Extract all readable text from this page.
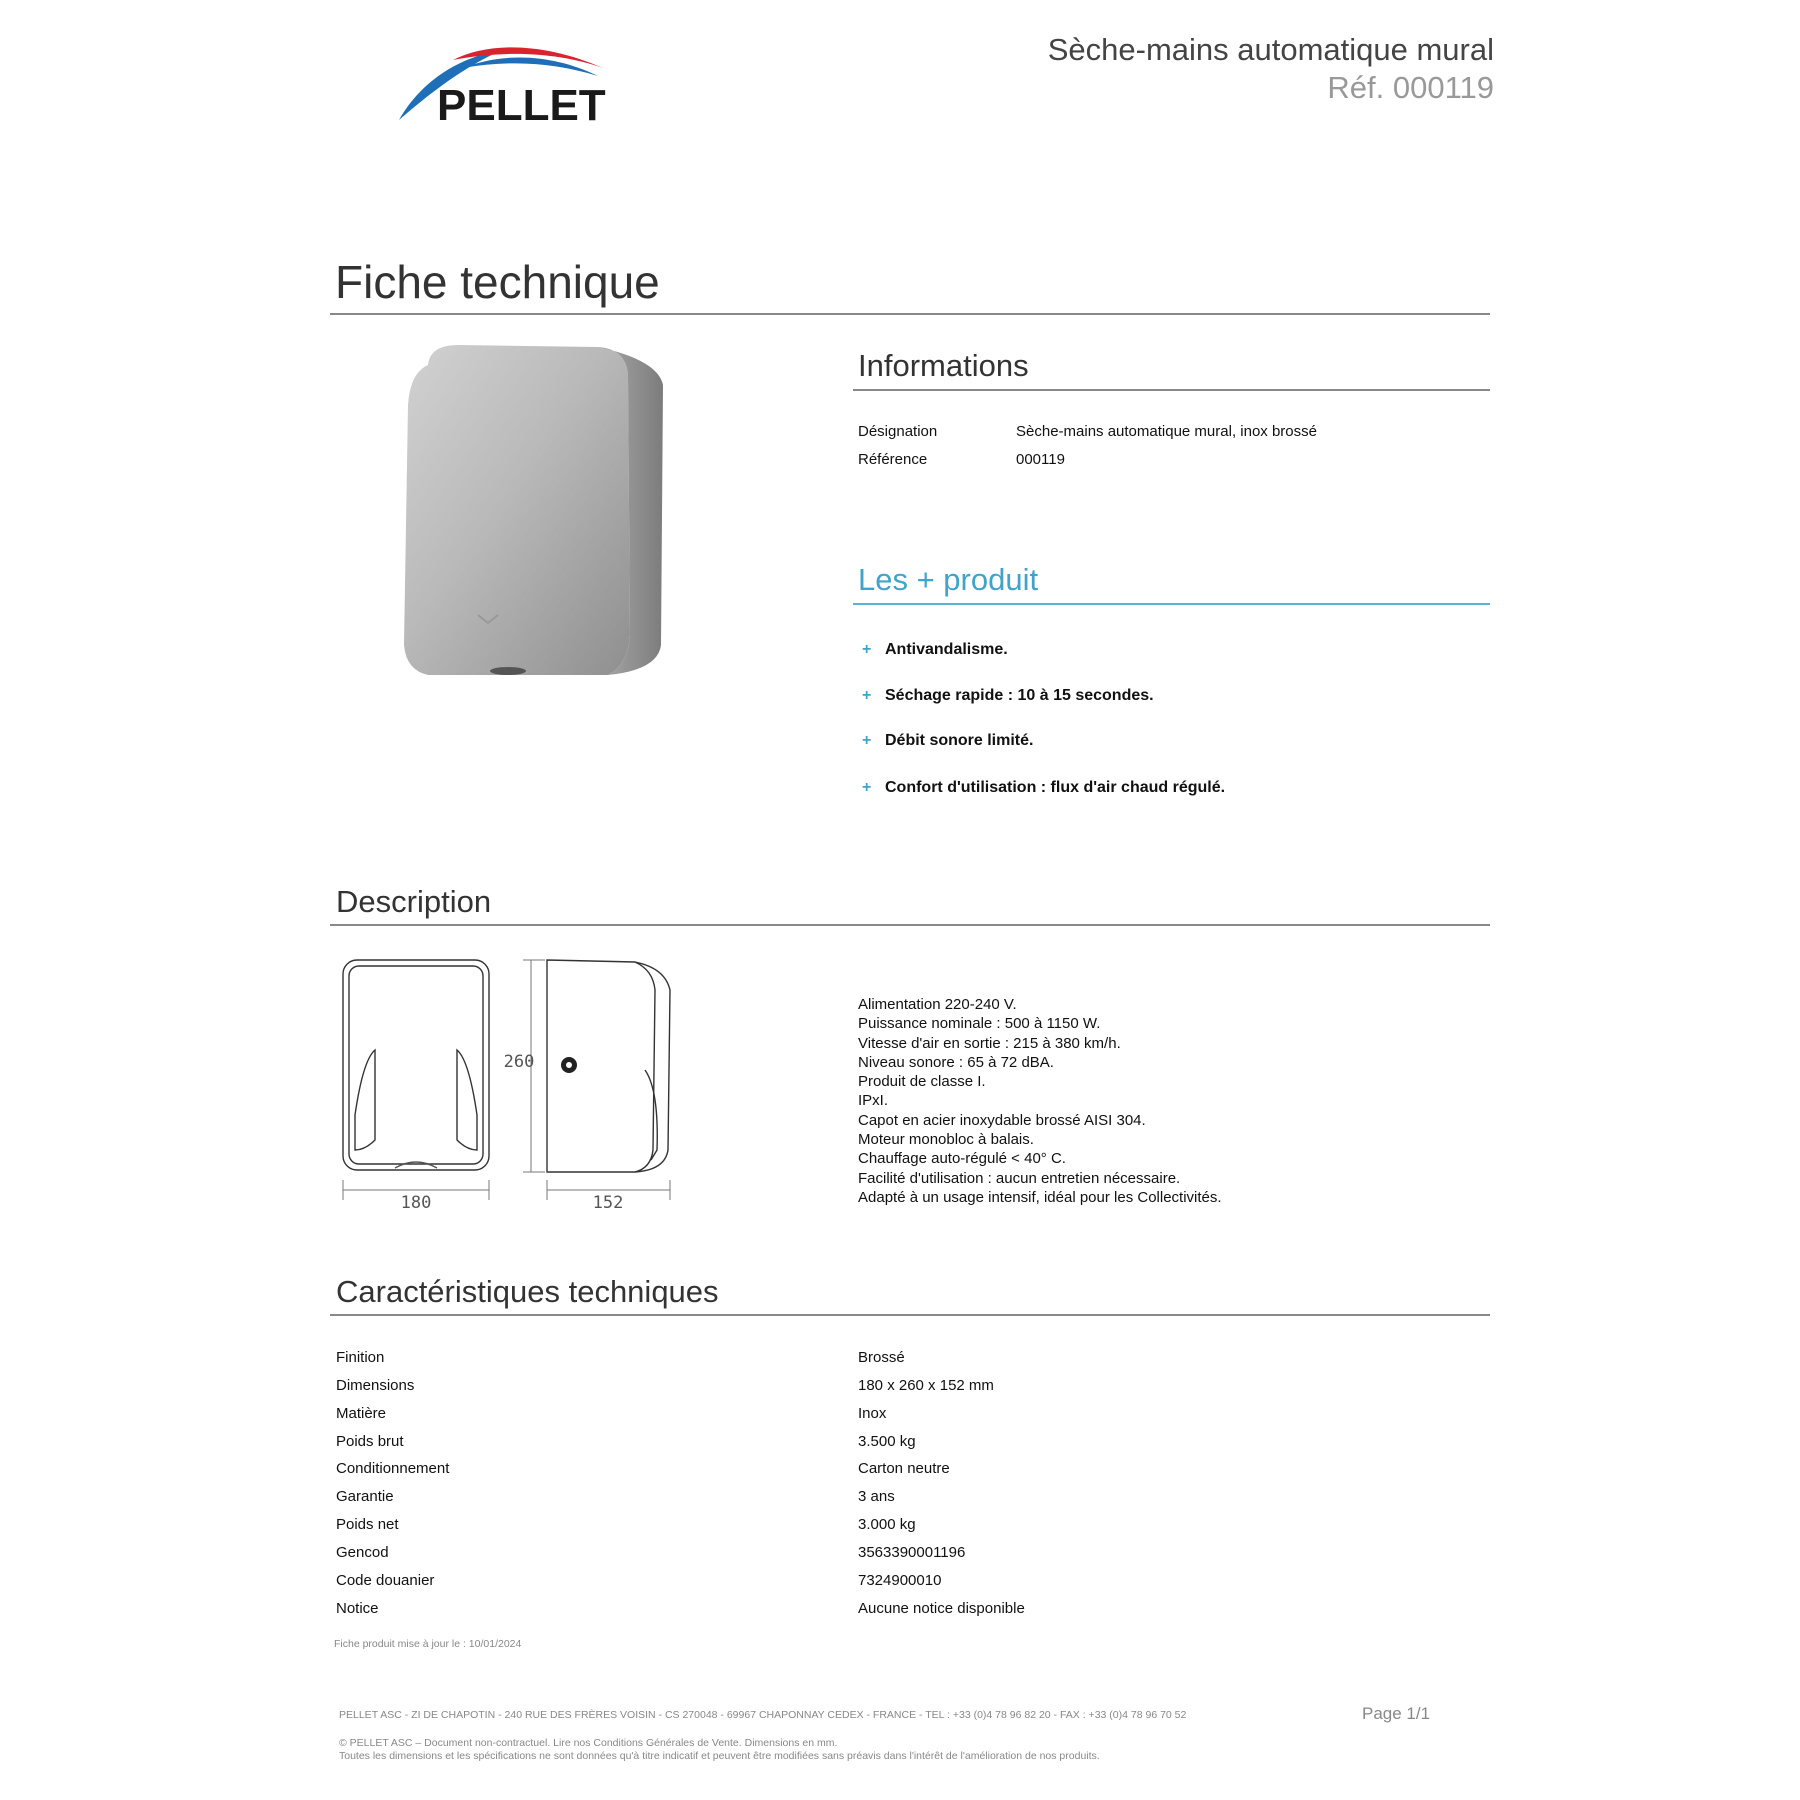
PELLET
Sèche-mains automatique mural
Réf. 000119
Fiche technique
Informations
Désignation	Sèche-mains automatique mural, inox brossé
Référence	000119
Les + produit
+ Antivandalisme.
+ Séchage rapide : 10 à 15 secondes.
+ Débit sonore limité.
+ Confort d'utilisation : flux d'air chaud régulé.
Description
180	152
260
Alimentation 220-240 V.
Puissance nominale : 500 à 1150 W.
Vitesse d'air en sortie : 215 à 380 km/h.
Niveau sonore : 65 à 72 dBA.
Produit de classe I.
IPxI.
Capot en acier inoxydable brossé AISI 304.
Moteur monobloc à balais.
Chauffage auto-régulé < 40° C.
Facilité d'utilisation : aucun entretien nécessaire.
Adapté à un usage intensif, idéal pour les Collectivités.
Caractéristiques techniques
Finition	Brossé
Dimensions	180 x 260 x 152 mm
Matière	Inox
Poids brut	3.500 kg
Conditionnement	Carton neutre
Garantie	3 ans
Poids net	3.000 kg
Gencod	3563390001196
Code douanier	7324900010
Notice	Aucune notice disponible
Fiche produit mise à jour le : 10/01/2024
PELLET ASC - ZI DE CHAPOTIN - 240 RUE DES FRÈRES VOISIN - CS 270048 - 69967 CHAPONNAY CEDEX - FRANCE - TEL : +33 (0)4 78 96 82 20 - FAX : +33 (0)4 78 96 70 52	Page 1/1
© PELLET ASC – Document non-contractuel. Lire nos Conditions Générales de Vente. Dimensions en mm.
Toutes les dimensions et les spécifications ne sont données qu'à titre indicatif et peuvent être modifiées sans préavis dans l'intérêt de l'amélioration de nos produits.
